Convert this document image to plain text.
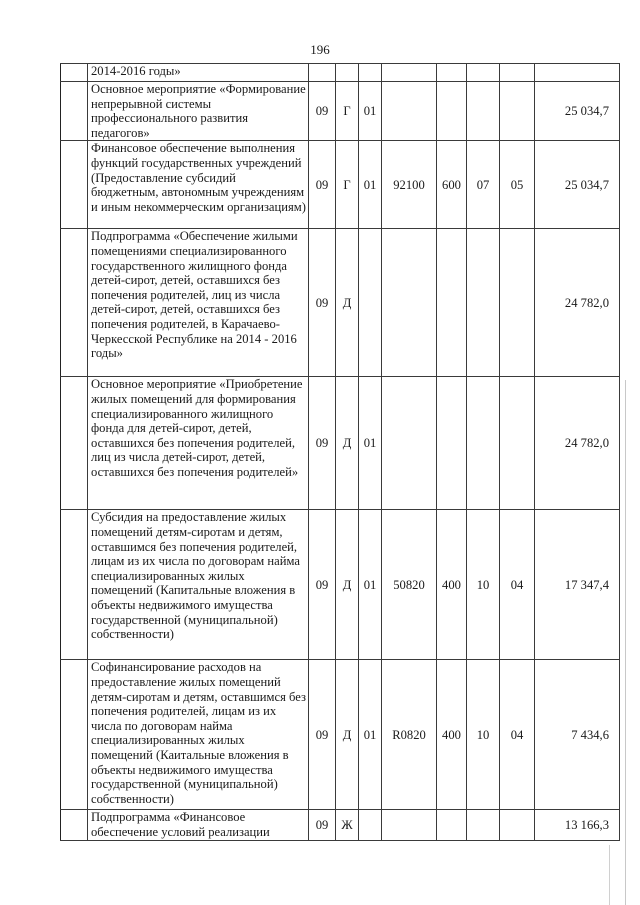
196
	2014-2016 годы»								
	Основное мероприятие «Формирование непрерывной системы профессионального развития педагогов»	09	Г	01					25 034,7
	Финансовое обеспечение выполнения функций государственных учреждений (Предоставление субсидий бюджетным, автономным учреждениям и иным некоммерческим организациям)	09	Г	01	92100	600	07	05	25 034,7
	Подпрограмма «Обеспечение жилыми помещениями специализированного государственного жилищного фонда детей-сирот, детей, оставшихся без попечения родителей, лиц из числа детей-сирот, детей, оставшихся без попечения родителей, в Карачаево-Черкесской Республике на 2014 - 2016 годы»	09	Д						24 782,0
	Основное мероприятие «Приобретение жилых помещений для формирования специализированного жилищного фонда для детей-сирот, детей, оставшихся без попечения родителей, лиц из числа детей-сирот, детей, оставшихся без попечения родителей»	09	Д	01					24 782,0
	Субсидия на предоставление жилых помещений детям-сиротам и детям, оставшимся без попечения родителей, лицам из их числа по договорам найма специализированных жилых помещений (Капитальные вложения в объекты недвижимого имущества государственной (муниципальной) собственности)	09	Д	01	50820	400	10	04	17 347,4
	Софинансирование расходов на предоставление жилых помещений детям-сиротам и детям, оставшимся без попечения родителей, лицам из их числа по договорам найма специализированных жилых помещений (Каитальные вложения в объекты недвижимого имущества государственной (муниципальной) собственности)	09	Д	01	R0820	400	10	04	7 434,6
	Подпрограмма «Финансовое обеспечение условий реализации	09	Ж						13 166,3
